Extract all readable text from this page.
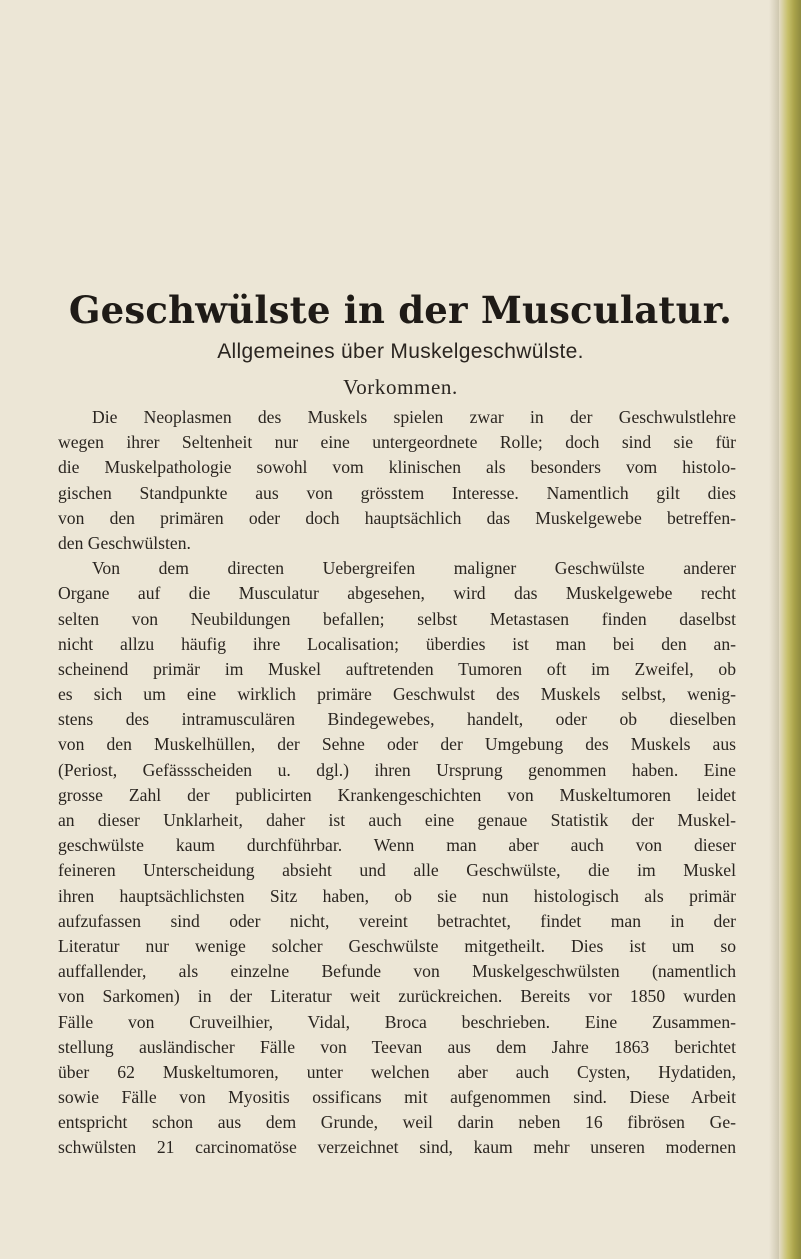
Geschwülste in der Musculatur.
Allgemeines über Muskelgeschwülste.
Vorkommen.
Die Neoplasmen des Muskels spielen zwar in der Geschwulstlehre
wegen ihrer Seltenheit nur eine untergeordnete Rolle; doch sind sie für
die Muskelpathologie sowohl vom klinischen als besonders vom histolo-
gischen Standpunkte aus von grösstem Interesse. Namentlich gilt dies
von den primären oder doch hauptsächlich das Muskelgewebe betreffen-
den Geschwülsten.
Von dem directen Uebergreifen maligner Geschwülste anderer
Organe auf die Musculatur abgesehen, wird das Muskelgewebe recht
selten von Neubildungen befallen; selbst Metastasen finden daselbst
nicht allzu häufig ihre Localisation; überdies ist man bei den an-
scheinend primär im Muskel auftretenden Tumoren oft im Zweifel, ob
es sich um eine wirklich primäre Geschwulst des Muskels selbst, wenig-
stens des intramusculären Bindegewebes, handelt, oder ob dieselben
von den Muskelhüllen, der Sehne oder der Umgebung des Muskels aus
(Periost, Gefässscheiden u. dgl.) ihren Ursprung genommen haben. Eine
grosse Zahl der publicirten Krankengeschichten von Muskeltumoren leidet
an dieser Unklarheit, daher ist auch eine genaue Statistik der Muskel-
geschwülste kaum durchführbar. Wenn man aber auch von dieser
feineren Unterscheidung absieht und alle Geschwülste, die im Muskel
ihren hauptsächlichsten Sitz haben, ob sie nun histologisch als primär
aufzufassen sind oder nicht, vereint betrachtet, findet man in der
Literatur nur wenige solcher Geschwülste mitgetheilt. Dies ist um so
auffallender, als einzelne Befunde von Muskelgeschwülsten (namentlich
von Sarkomen) in der Literatur weit zurückreichen. Bereits vor 1850 wurden
Fälle von Cruveilhier, Vidal, Broca beschrieben. Eine Zusammen-
stellung ausländischer Fälle von Teevan aus dem Jahre 1863 berichtet
über 62 Muskeltumoren, unter welchen aber auch Cysten, Hydatiden,
sowie Fälle von Myositis ossificans mit aufgenommen sind. Diese Arbeit
entspricht schon aus dem Grunde, weil darin neben 16 fibrösen Ge-
schwülsten 21 carcinomatöse verzeichnet sind, kaum mehr unseren modernen
